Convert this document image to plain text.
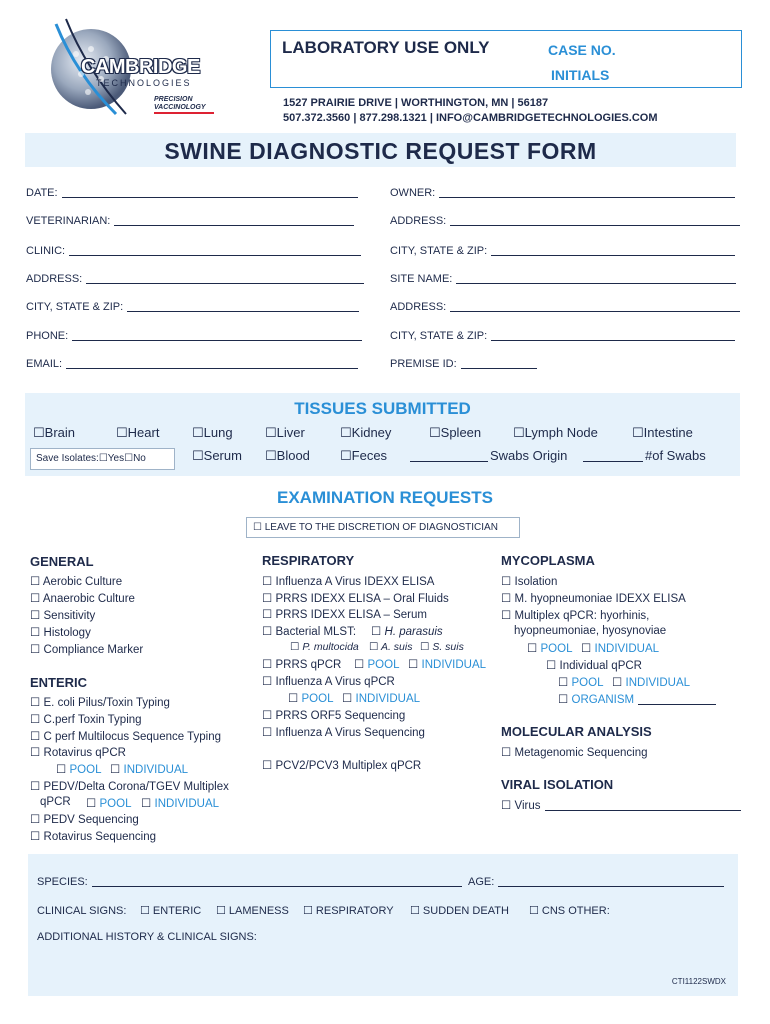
CAMBRIDGE
TECHNOLOGIES
PRECISION VACCINOLOGY
LABORATORY USE ONLY	CASE NO.
INITIALS
1527 PRAIRIE DRIVE | WORTHINGTON, MN | 56187
507.372.3560 | 877.298.1321 | INFO@CAMBRIDGETECHNOLOGIES.COM
SWINE DIAGNOSTIC REQUEST FORM
DATE:
VETERINARIAN:
CLINIC:
ADDRESS:
CITY, STATE & ZIP:
PHONE:
EMAIL:
OWNER:
ADDRESS:
CITY, STATE & ZIP:
SITE NAME:
ADDRESS:
CITY, STATE & ZIP:
PREMISE ID:
TISSUES SUBMITTED
☐Brain	☐Heart	☐Lung ☐Liver	☐Kidney	☐Spleen ☐Lymph Node	☐Intestine
Save Isolates:☐Yes☐No	☐Serum ☐Blood ☐Feces	Swabs Origin	#of Swabs
EXAMINATION REQUESTS
☐ LEAVE TO THE DISCRETION OF DIAGNOSTICIAN
GENERAL
☐ Aerobic Culture
☐ Anaerobic Culture
☐ Sensitivity
☐ Histology
☐ Compliance Marker
ENTERIC
☐ E. coli Pilus/Toxin Typing
☐ C.perf Toxin Typing
☐ C perf Multilocus Sequence Typing
☐ Rotavirus qPCR
☐ POOL ☐ INDIVIDUAL
☐ PEDV/Delta Corona/TGEV Multiplex
qPCR ☐ POOL ☐ INDIVIDUAL
☐ PEDV Sequencing
☐ Rotavirus Sequencing
RESPIRATORY
☐ Influenza A Virus IDEXX ELISA
☐ PRRS IDEXX ELISA – Oral Fluids
☐ PRRS IDEXX ELISA – Serum
☐ Bacterial MLST: ☐ H. parasuis
☐ P. multocida ☐ A. suis ☐ S. suis
☐ PRRS qPCR ☐ POOL ☐ INDIVIDUAL
☐ Influenza A Virus qPCR
☐ POOL ☐ INDIVIDUAL
☐ PRRS ORF5 Sequencing
☐ Influenza A Virus Sequencing
☐ PCV2/PCV3 Multiplex qPCR
MYCOPLASMA
☐ Isolation
☐ M. hyopneumoniae IDEXX ELISA
☐ Multiplex qPCR: hyorhinis,
hyopneumoniae, hyosynoviae
☐ POOL ☐ INDIVIDUAL
☐ Individual qPCR
☐ POOL ☐ INDIVIDUAL
☐ ORGANISM
MOLECULAR ANALYSIS
☐ Metagenomic Sequencing
VIRAL ISOLATION
☐ Virus
SPECIES:	AGE:
CLINICAL SIGNS: ☐ ENTERIC ☐ LAMENESS ☐ RESPIRATORY ☐ SUDDEN DEATH ☐ CNS OTHER:
ADDITIONAL HISTORY & CLINICAL SIGNS:
CTI1122SWDX
